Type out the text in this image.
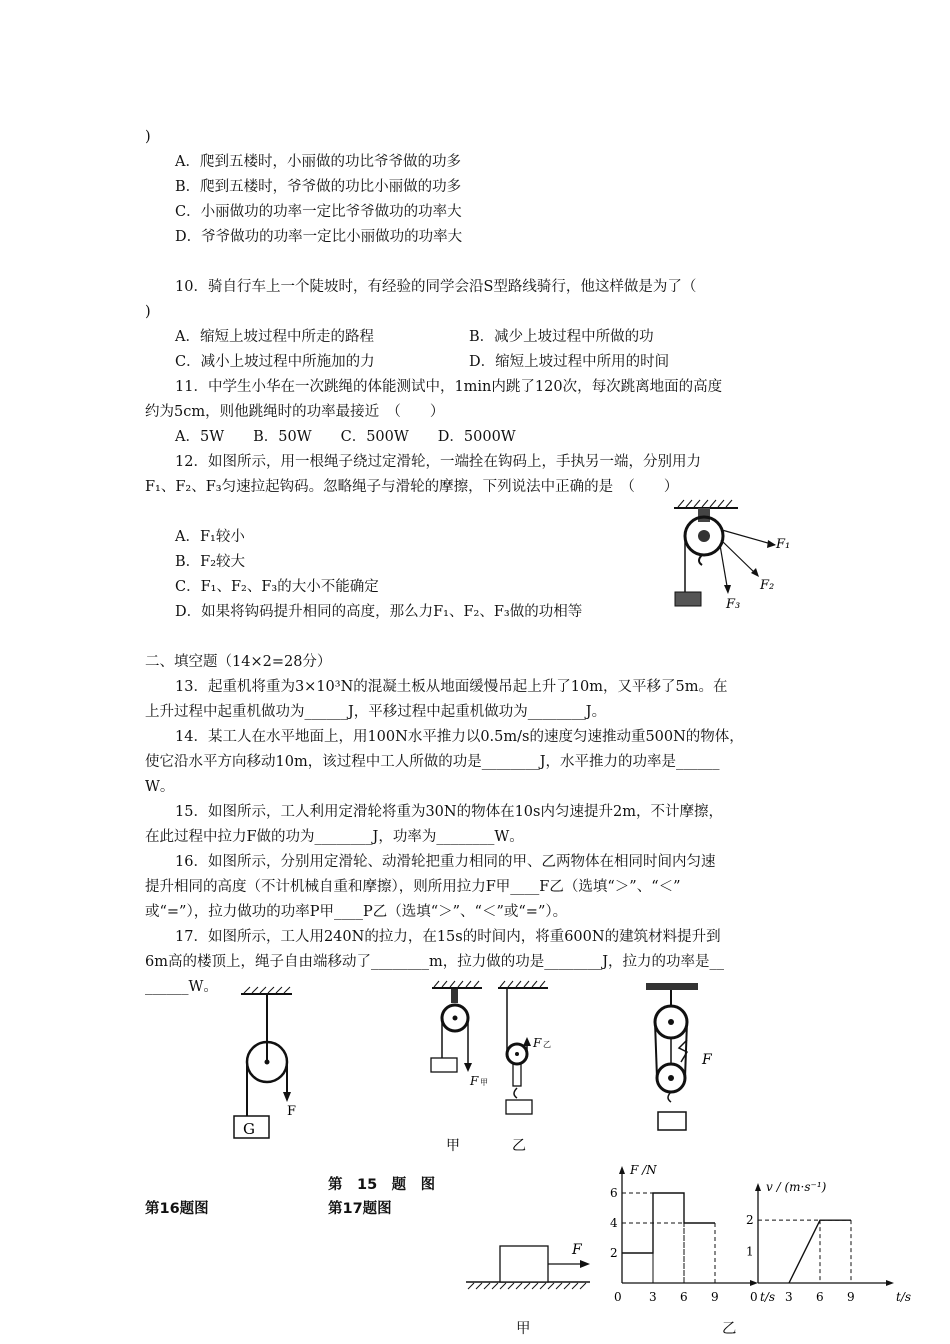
)
A．爬到五楼时，小丽做的功比爷爷做的功多
B．爬到五楼时，爷爷做的功比小丽做的功多
C．小丽做功的功率一定比爷爷做功的功率大
D．爷爷做功的功率一定比小丽做功的功率大
10．骑自行车上一个陡坡时，有经验的同学会沿S型路线骑行，他这样做是为了（
)
A．缩短上坡过程中所走的路程	B．减少上坡过程中所做的功
C．减小上坡过程中所施加的力	D．缩短上坡过程中所用的时间
11．中学生小华在一次跳绳的体能测试中，1min内跳了120次，每次跳离地面的高度
约为5cm，则他跳绳时的功率最接近　（　　）
A．5W　　B．50W　　C．500W　　D．5000W
12．如图所示，用一根绳子绕过定滑轮，一端拴在钩码上，手执另一端，分别用力
F₁、F₂、F₃匀速拉起钩码。忽略绳子与滑轮的摩擦，下列说法中正确的是　（　　）
A．F₁较小
B．F₂较大
C．F₁、F₂、F₃的大小不能确定
D．如果将钩码提升相同的高度，那么力F₁、F₂、F₃做的功相等
二、填空题（14×2=28分）
13．起重机将重为3×10³N的混凝土板从地面缓慢吊起上升了10m，又平移了5m。在
上升过程中起重机做功为______J，平移过程中起重机做功为________J。
14．某工人在水平地面上，用100N水平推力以0.5m/s的速度匀速推动重500N的物体，
使它沿水平方向移动10m，该过程中工人所做的功是________J，水平推力的功率是______
W。
15．如图所示，工人利用定滑轮将重为30N的物体在10s内匀速提升2m，不计摩擦，
在此过程中拉力F做的功为________J，功率为________W。
16．如图所示，分别用定滑轮、动滑轮把重力相同的甲、乙两物体在相同时间内匀速
提升相同的高度（不计机械自重和摩擦），则所用拉力F甲____F乙（选填“＞”、“＜”
或“=”），拉力做功的功率P甲____P乙（选填“＞”、“＜”或“=”）。
17．如图所示，工人用240N的拉力，在15s的时间内，将重600N的建筑材料提升到
6m高的楼顶上，绳子自由端移动了________m，拉力做的功是________J，拉力的功率是__
______W。
第　15　题　图
第16题图	第17题图
F₁
F₂
F₃
G
F
F 甲
F 乙
甲	乙
F
F
0 3 6 9
2
4
6
F /N
t/s
0 3 6 9
1
2
v / (m·s⁻¹)
t/s
甲	乙
